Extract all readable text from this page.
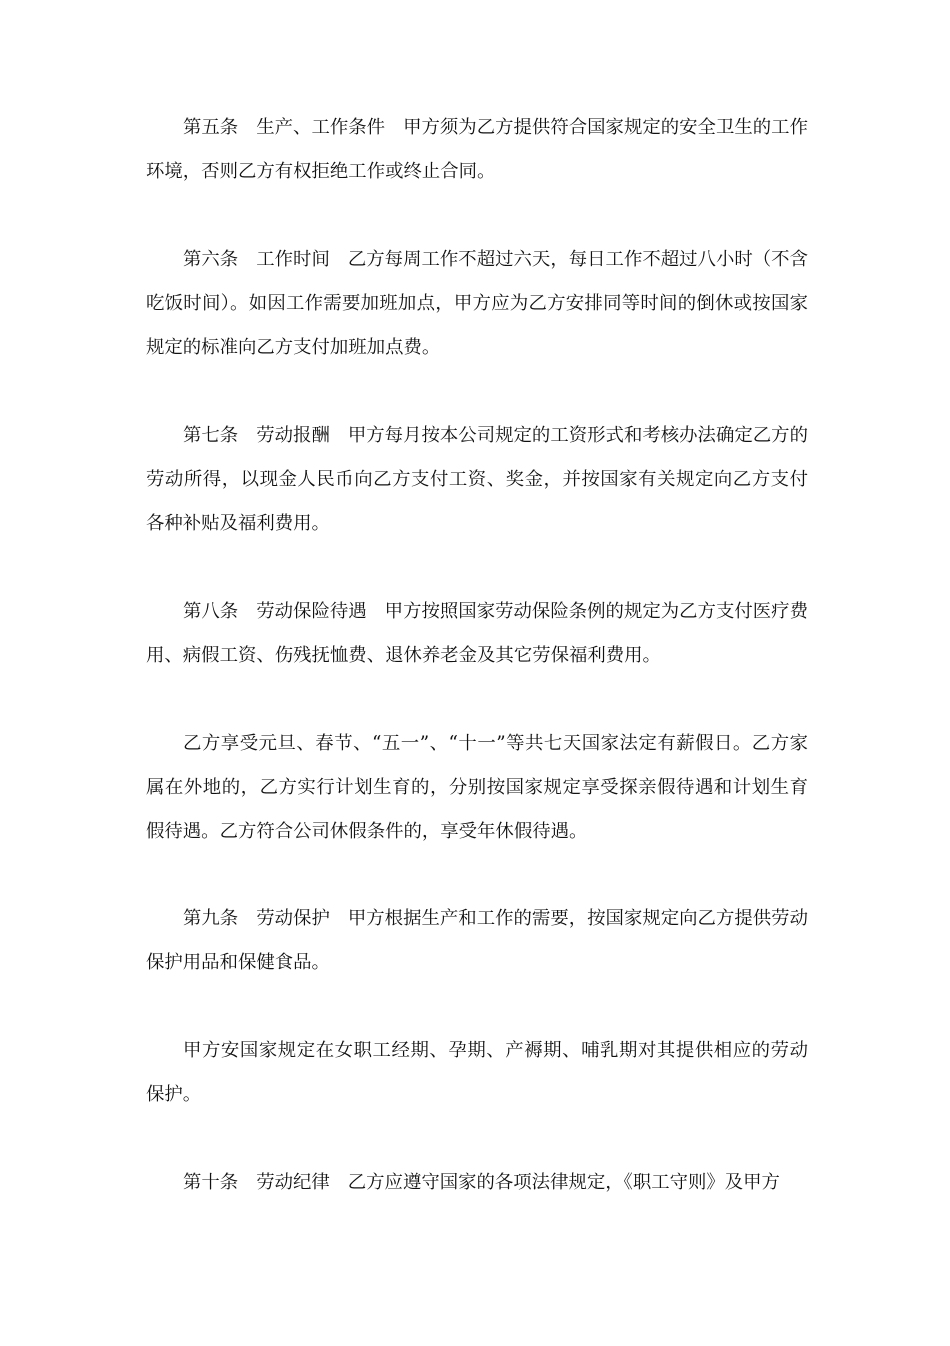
第五条 生产、工作条件 甲方须为乙方提供符合国家规定的安全卫生的工作环境，否则乙方有权拒绝工作或终止合同。

第六条 工作时间 乙方每周工作不超过六天，每日工作不超过八小时（不含吃饭时间）。如因工作需要加班加点，甲方应为乙方安排同等时间的倒休或按国家规定的标准向乙方支付加班加点费。

第七条 劳动报酬 甲方每月按本公司规定的工资形式和考核办法确定乙方的劳动所得，以现金人民币向乙方支付工资、奖金，并按国家有关规定向乙方支付各种补贴及福利费用。

第八条 劳动保险待遇 甲方按照国家劳动保险条例的规定为乙方支付医疗费用、病假工资、伤残抚恤费、退休养老金及其它劳保福利费用。

乙方享受元旦、春节、“五一”、“十一”等共七天国家法定有薪假日。乙方家属在外地的，乙方实行计划生育的，分别按国家规定享受探亲假待遇和计划生育假待遇。乙方符合公司休假条件的，享受年休假待遇。

第九条 劳动保护 甲方根据生产和工作的需要，按国家规定向乙方提供劳动保护用品和保健食品。

甲方安国家规定在女职工经期、孕期、产褥期、哺乳期对其提供相应的劳动保护。

第十条 劳动纪律 乙方应遵守国家的各项法律规定，《职工守则》及甲方
